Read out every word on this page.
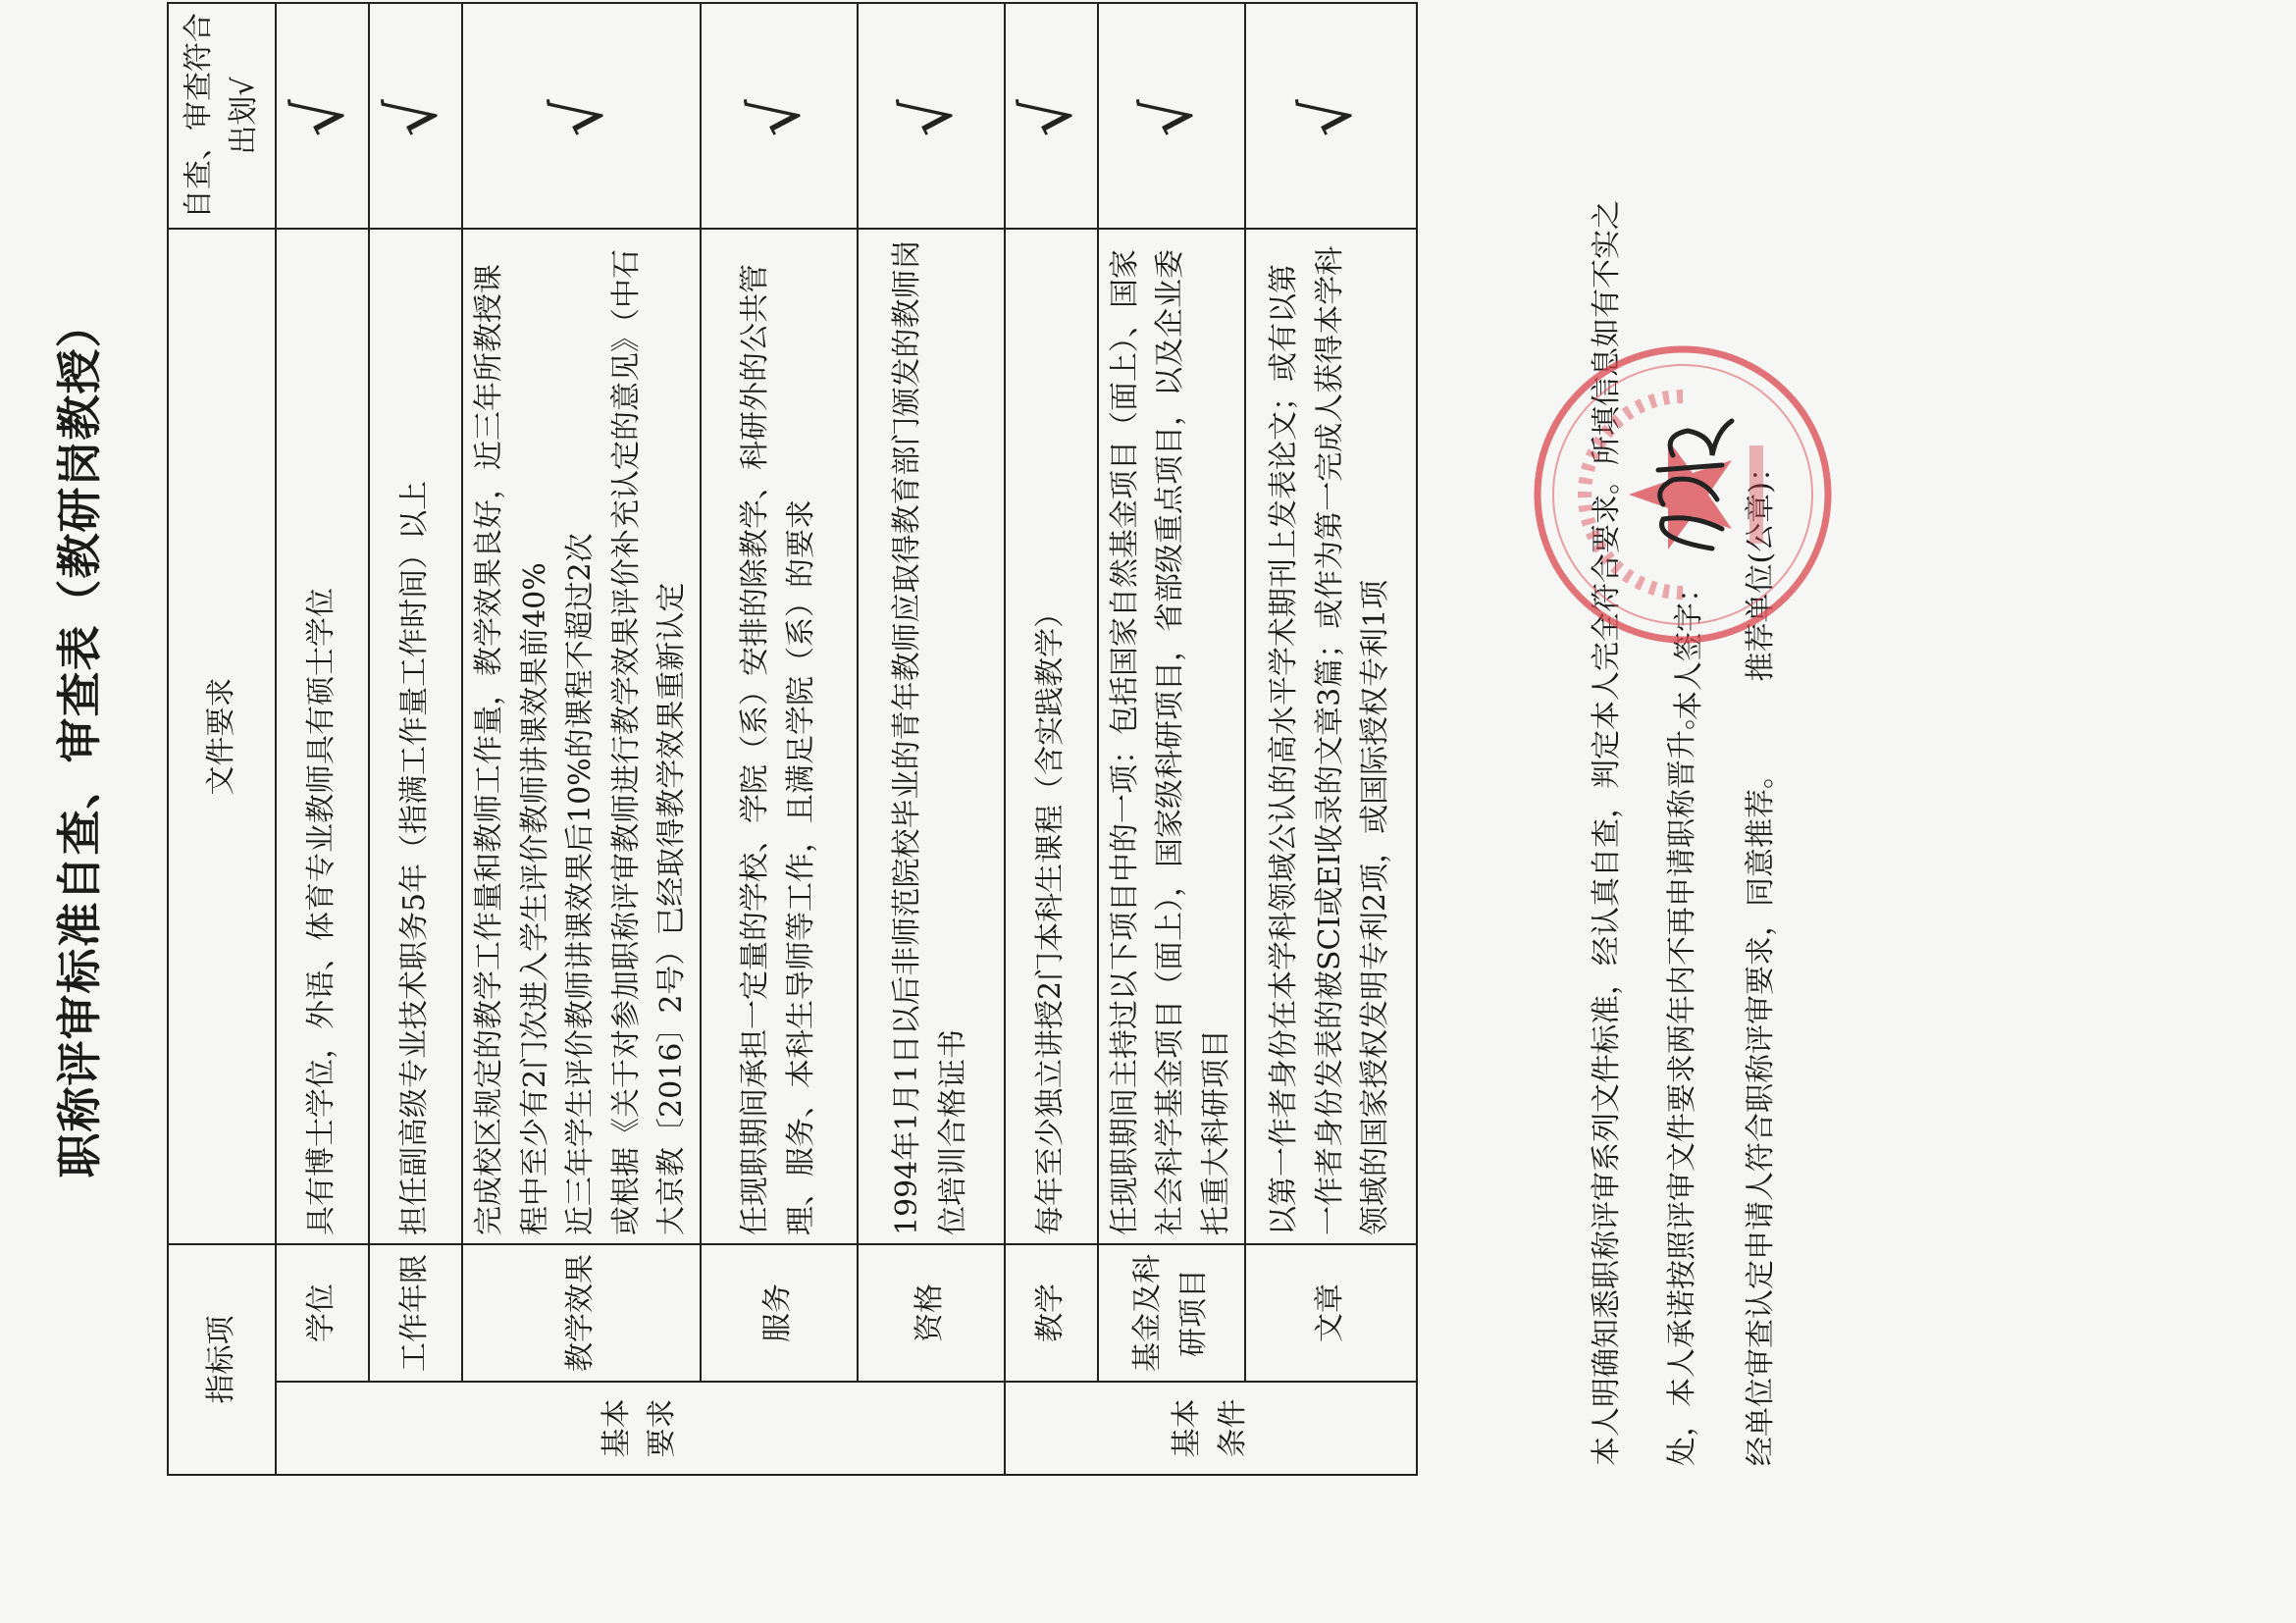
职称评审标准自查、审查表（教研岗教授）
指标项		文件要求	自查、审查符合出划√
基本要求	学位	具有博士学位，外语、体育专业教师具有硕士学位	√
	工作年限	担任副高级专业技术职务5年（指满工作量工作时间）以上	√
	教学效果	完成校区规定的教学工作量和教师工作量，教学效果良好，近三年所教授课程中至少有2门次进入学生评价教师讲课效果前40%
近三年学生评价教师讲课效果后10%的课程不超过2次
或根据《关于对参加职称评审教师进行教学效果评价补充认定的意见》（中石大京教〔2016〕2号）已经取得教学效果重新认定	√
	服务	任现职期间承担一定量的学校、学院（系）安排的除教学、科研外的公共管理、服务、本科生导师等工作，且满足学院（系）的要求	√
	资格	1994年1月1日以后非师范院校毕业的青年教师应取得教育部门颁发的教师岗位培训合格证书	√
基本条件	教学	每年至少独立讲授2门本科生课程（含实践教学）	√
	基金及科研项目	任现职期间主持过以下项目中的一项：包括国家自然基金项目（面上）、国家社会科学基金项目（面上），国家级科研项目，省部级重点项目，以及企业委托重大科研项目	√
	文章	以第一作者身份在本学科领域公认的高水平学术期刊上发表论文；或有以第一作者身份发表的被SCI或EI收录的文章3篇；或作为第一完成人获得本学科领域的国家授权发明专利2项，或国际授权专利1项	√

本人明确知悉职称评审系列文件标准，经认真自查，判定本人完全符合要求。所填信息如有不实之	处，本人承诺按照评审文件要求两年内不再申请职称晋升。	经单位审查认定申请人符合职称评审要求，同意推荐。 推荐单位(公章)：

本人签字：
